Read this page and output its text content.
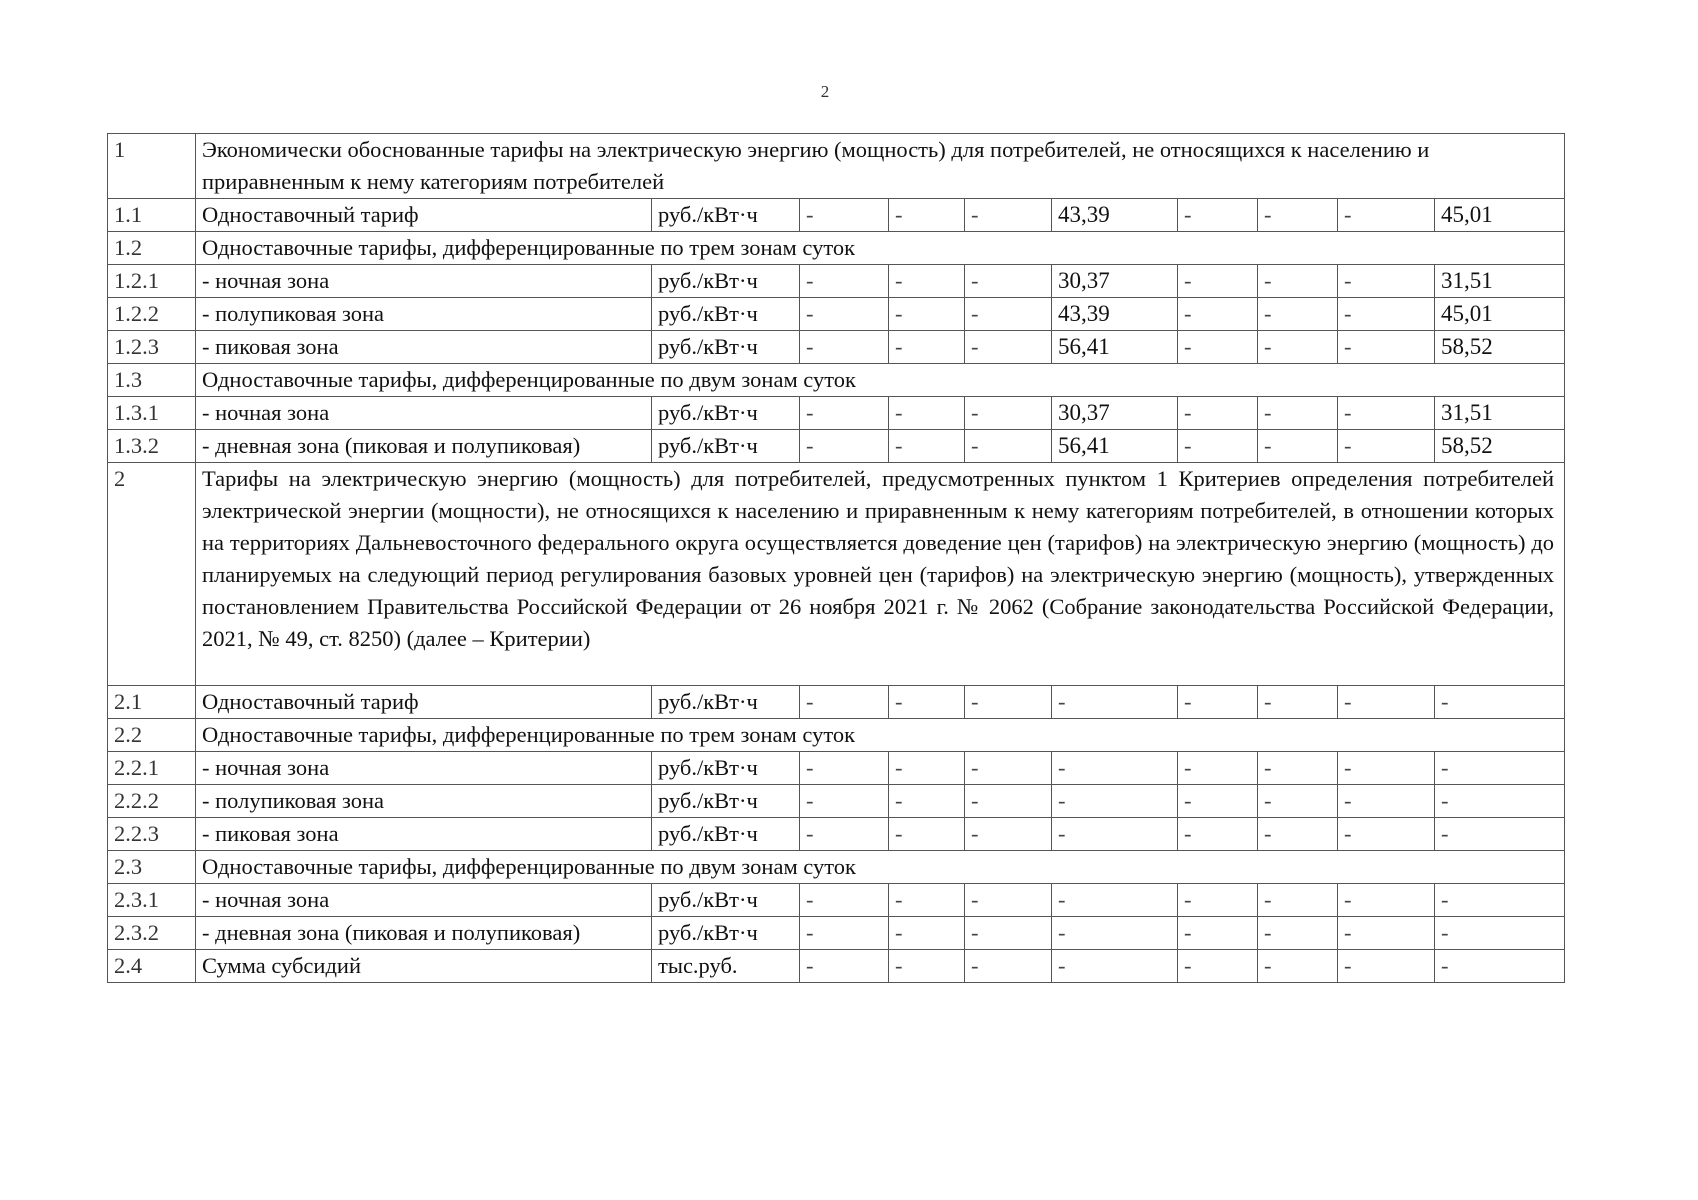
2
1	Экономически обоснованные тарифы на электрическую энергию (мощность) для потребителей, не относящихся к населению и приравненным к нему категориям потребителей									
1.1	Одноставочный тариф	руб./кВт·ч	-	-	-	43,39	-	-	-	45,01
1.2	Одноставочные тарифы, дифференцированные по трем зонам суток									
1.2.1	- ночная зона	руб./кВт·ч	-	-	-	30,37	-	-	-	31,51
1.2.2	- полупиковая зона	руб./кВт·ч	-	-	-	43,39	-	-	-	45,01
1.2.3	- пиковая зона	руб./кВт·ч	-	-	-	56,41	-	-	-	58,52
1.3	Одноставочные тарифы, дифференцированные по двум зонам суток									
1.3.1	- ночная зона	руб./кВт·ч	-	-	-	30,37	-	-	-	31,51
1.3.2	- дневная зона (пиковая и полупиковая)	руб./кВт·ч	-	-	-	56,41	-	-	-	58,52
2	Тарифы на электрическую энергию (мощность) для потребителей, предусмотренных пунктом 1 Критериев определения потребителей электрической энергии (мощности), не относящихся к населению и приравненным к нему категориям потребителей, в отношении которых на территориях Дальневосточного федерального округа осуществляется доведение цен (тарифов) на электрическую энергию (мощность) до планируемых на следующий период регулирования базовых уровней цен (тарифов) на электрическую энергию (мощность), утвержденных постановлением Правительства Российской Федерации от 26 ноября 2021 г. № 2062 (Собрание законодательства Российской Федерации, 2021, № 49, ст. 8250) (далее – Критерии)									
2.1	Одноставочный тариф	руб./кВт·ч	-	-	-	-	-	-	-	-
2.2	Одноставочные тарифы, дифференцированные по трем зонам суток									
2.2.1	- ночная зона	руб./кВт·ч	-	-	-	-	-	-	-	-
2.2.2	- полупиковая зона	руб./кВт·ч	-	-	-	-	-	-	-	-
2.2.3	- пиковая зона	руб./кВт·ч	-	-	-	-	-	-	-	-
2.3	Одноставочные тарифы, дифференцированные по двум зонам суток									
2.3.1	- ночная зона	руб./кВт·ч	-	-	-	-	-	-	-	-
2.3.2	- дневная зона (пиковая и полупиковая)	руб./кВт·ч	-	-	-	-	-	-	-	-
2.4	Сумма субсидий	тыс.руб.	-	-	-	-	-	-	-	-
